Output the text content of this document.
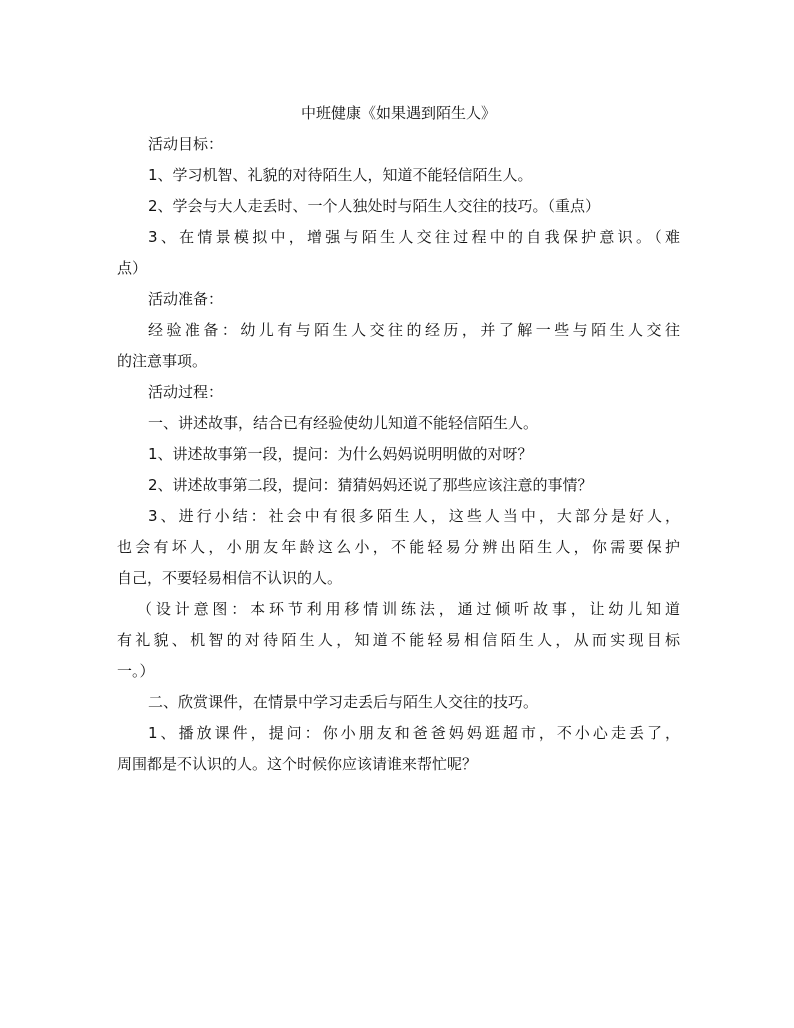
中班健康《如果遇到陌生人》
活动目标：
1、学习机智、礼貌的对待陌生人，知道不能轻信陌生人。
2、学会与大人走丢时、一个人独处时与陌生人交往的技巧。（重点）
3、在情景模拟中，增强与陌生人交往过程中的自我保护意识。（难
点）
活动准备：
经验准备：幼儿有与陌生人交往的经历，并了解一些与陌生人交往
的注意事项。
活动过程：
一、讲述故事，结合已有经验使幼儿知道不能轻信陌生人。
1、讲述故事第一段，提问：为什么妈妈说明明做的对呀？
2、讲述故事第二段，提问：猜猜妈妈还说了那些应该注意的事情？
3、进行小结：社会中有很多陌生人，这些人当中，大部分是好人，
也会有坏人，小朋友年龄这么小，不能轻易分辨出陌生人，你需要保护
自己，不要轻易相信不认识的人。
（设计意图：本环节利用移情训练法，通过倾听故事，让幼儿知道
有礼貌、机智的对待陌生人，知道不能轻易相信陌生人，从而实现目标
一。）
二、欣赏课件，在情景中学习走丢后与陌生人交往的技巧。
1、播放课件，提问：你小朋友和爸爸妈妈逛超市，不小心走丢了，
周围都是不认识的人。这个时候你应该请谁来帮忙呢？
